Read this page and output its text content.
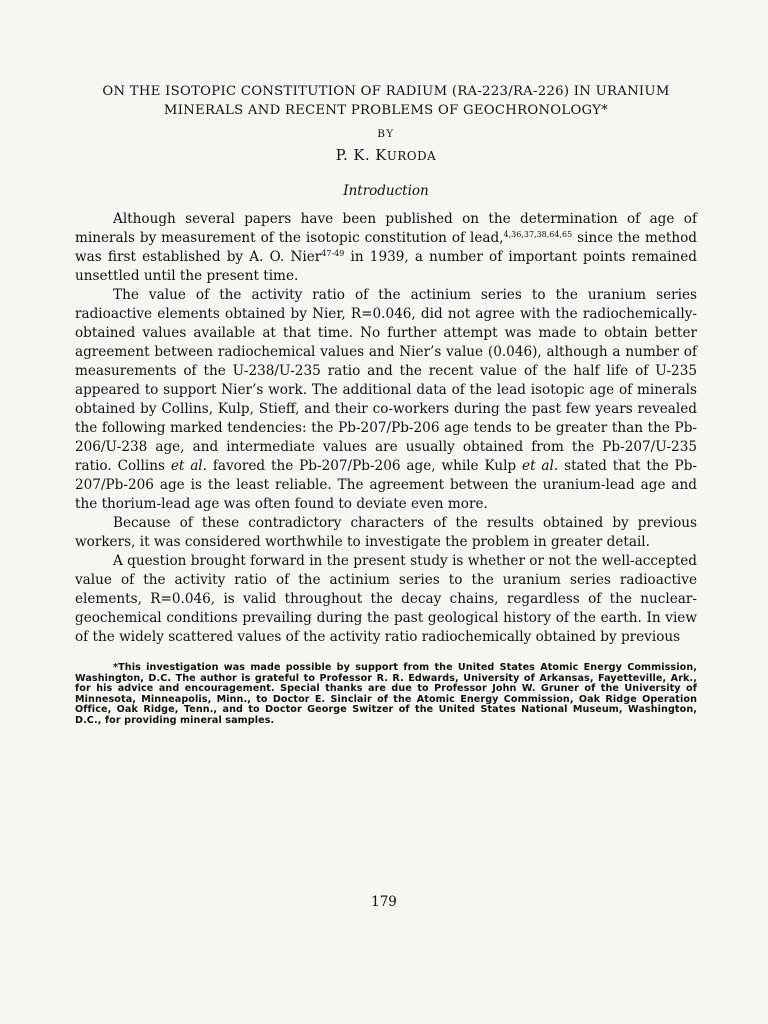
ON THE ISOTOPIC CONSTITUTION OF RADIUM (RA-223/RA-226) IN URANIUM MINERALS AND RECENT PROBLEMS OF GEOCHRONOLOGY*
BY
P. K. KURODA
Introduction

Although several papers have been published on the determination of age of minerals by measurement of the isotopic constitution of lead,$^{4,36,37,38,64,65}$ since the method was first established by A. O. Nier$^{47-49}$ in 1939, a number of important points remained unsettled until the present time.

The value of the activity ratio of the actinium series to the uranium series radioactive elements obtained by Nier, R=0.046, did not agree with the radiochemically-obtained values available at that time. No further attempt was made to obtain better agreement between radiochemical values and Nier’s value (0.046), although a number of measurements of the U-238/U-235 ratio and the recent value of the half life of U-235 appeared to support Nier’s work. The additional data of the lead isotopic age of minerals obtained by Collins, Kulp, Stieff, and their co-workers during the past few years revealed the following marked tendencies: the Pb-207/Pb-206 age tends to be greater than the Pb-206/U-238 age, and intermediate values are usually obtained from the Pb-207/U-235 ratio. Collins et al. favored the Pb-207/Pb-206 age, while Kulp et al. stated that the Pb-207/Pb-206 age is the least reliable. The agreement between the uranium-lead age and the thorium-lead age was often found to deviate even more.

Because of these contradictory characters of the results obtained by previous workers, it was considered worthwhile to investigate the problem in greater detail.

A question brought forward in the present study is whether or not the well-accepted value of the activity ratio of the actinium series to the uranium series radioactive elements, R=0.046, is valid throughout the decay chains, regardless of the nuclear-geochemical conditions prevailing during the past geological history of the earth. In view of the widely scattered values of the activity ratio radiochemically obtained by previous

*This investigation was made possible by support from the United States Atomic Energy Commission, Washington, D.C. The author is grateful to Professor R. R. Edwards, University of Arkansas, Fayetteville, Ark., for his advice and encouragement. Special thanks are due to Professor John W. Gruner of the University of Minnesota, Minneapolis, Minn., to Doctor E. Sinclair of the Atomic Energy Commission, Oak Ridge Operation Office, Oak Ridge, Tenn., and to Doctor George Switzer of the United States National Museum, Washington, D.C., for providing mineral samples.

179
